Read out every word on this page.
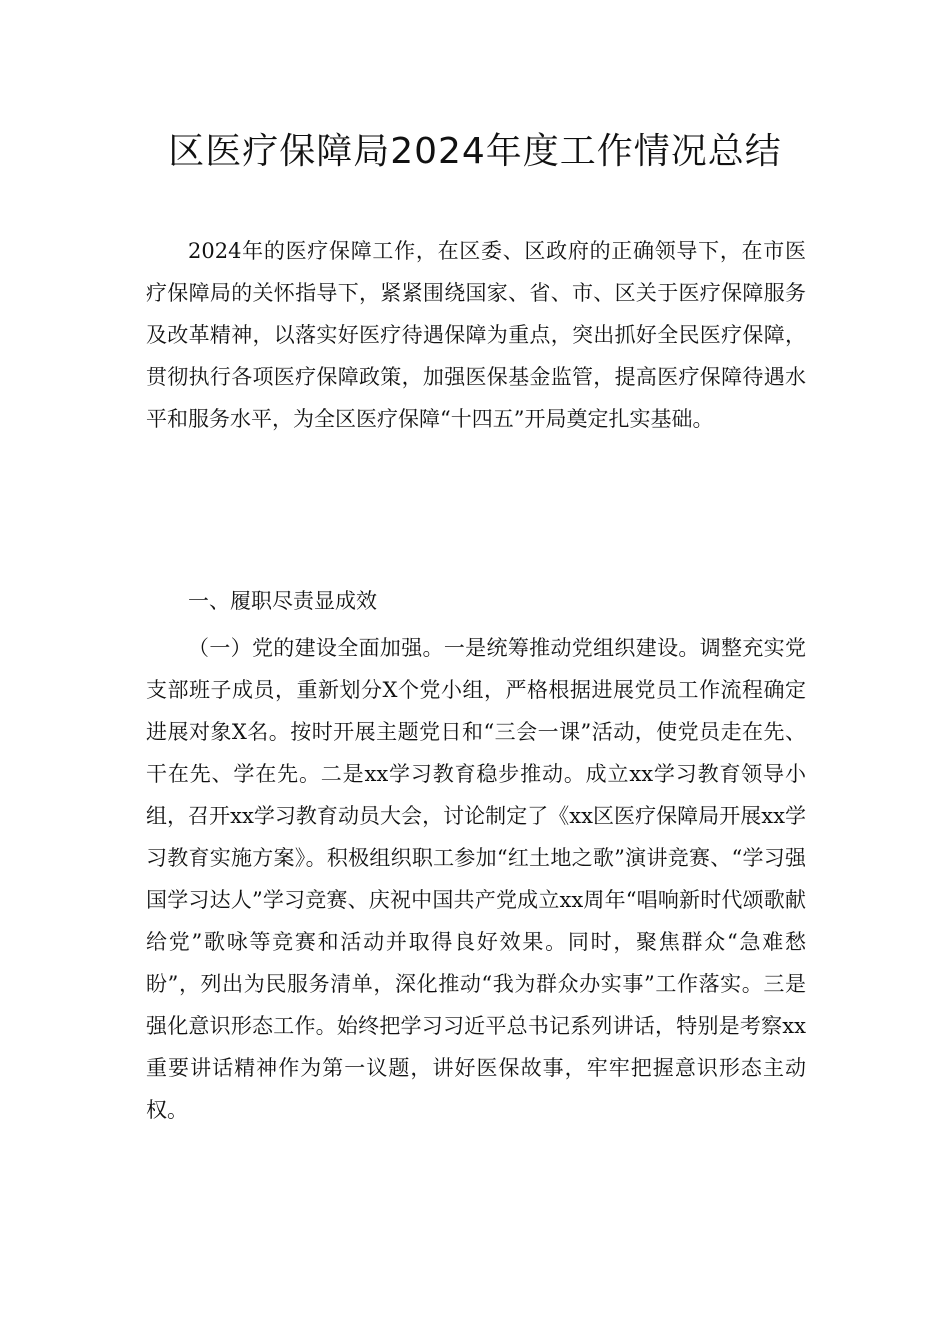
区医疗保障局2024年度工作情况总结

2024年的医疗保障工作，在区委、区政府的正确领导下，在市医疗保障局的关怀指导下，紧紧围绕国家、省、市、区关于医疗保障服务及改革精神，以落实好医疗待遇保障为重点，突出抓好全民医疗保障，贯彻执行各项医疗保障政策，加强医保基金监管，提高医疗保障待遇水平和服务水平，为全区医疗保障“十四五”开局奠定扎实基础。

一、履职尽责显成效

（一）党的建设全面加强。一是统筹推动党组织建设。调整充实党支部班子成员，重新划分X个党小组，严格根据进展党员工作流程确定进展对象X名。按时开展主题党日和“三会一课”活动，使党员走在先、干在先、学在先。二是xx学习教育稳步推动。成立xx学习教育领导小组，召开xx学习教育动员大会，讨论制定了《xx区医疗保障局开展xx学习教育实施方案》。积极组织职工参加“红土地之歌”演讲竞赛、“学习强国学习达人”学习竞赛、庆祝中国共产党成立xx周年“唱响新时代颂歌献给党”歌咏等竞赛和活动并取得良好效果。同时，聚焦群众“急难愁盼”，列出为民服务清单，深化推动“我为群众办实事”工作落实。三是强化意识形态工作。始终把学习习近平总书记系列讲话，特别是考察xx重要讲话精神作为第一议题，讲好医保故事，牢牢把握意识形态主动权。
